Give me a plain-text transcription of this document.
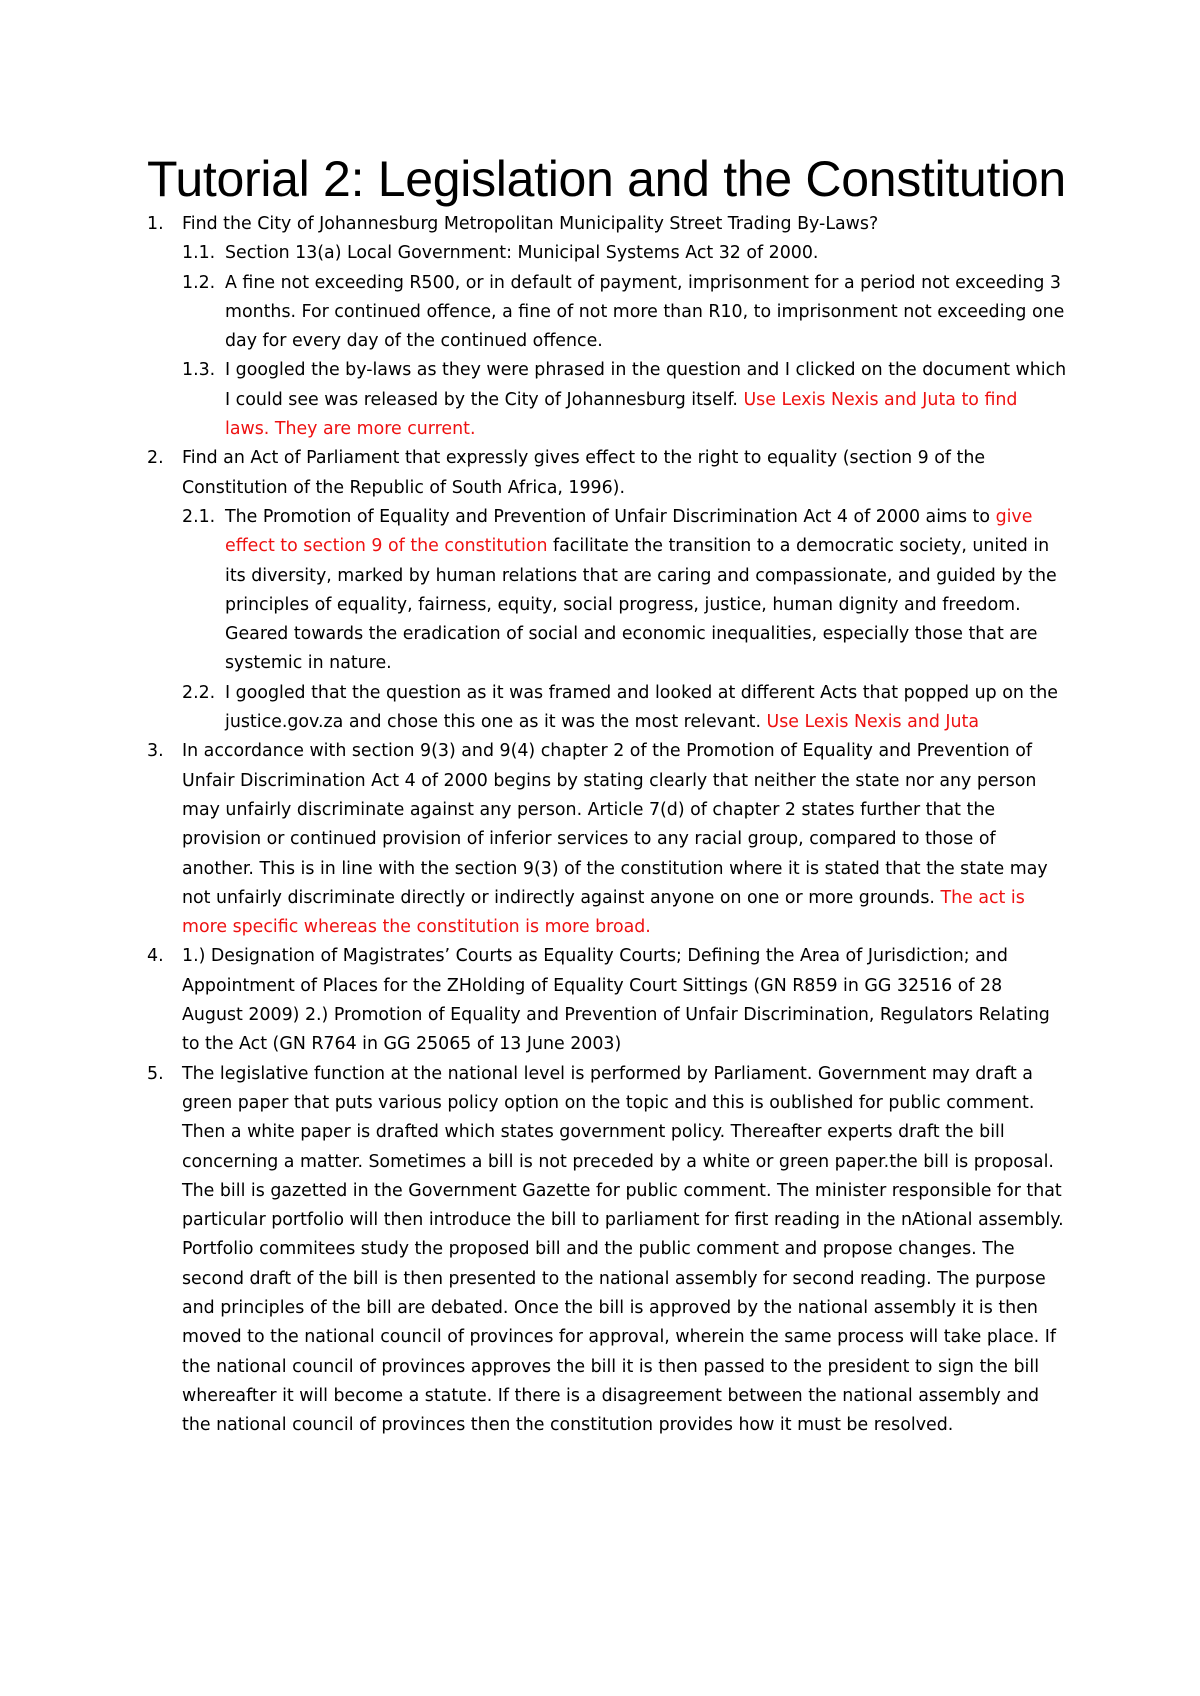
Tutorial 2: Legislation and the Constitution
1. Find the City of Johannesburg Metropolitan Municipality Street Trading By-Laws?
1.1. Section 13(a) Local Government: Municipal Systems Act 32 of 2000.
1.2. A fine not exceeding R500, or in default of payment, imprisonment for a period not exceeding 3 months. For continued offence, a fine of not more than R10, to imprisonment not exceeding one day for every day of the continued offence.
1.3. I googled the by-laws as they were phrased in the question and I clicked on the document which I could see was released by the City of Johannesburg itself. Use Lexis Nexis and Juta to find laws. They are more current.
2. Find an Act of Parliament that expressly gives effect to the right to equality (section 9 of the Constitution of the Republic of South Africa, 1996).
2.1. The Promotion of Equality and Prevention of Unfair Discrimination Act 4 of 2000 aims to give effect to section 9 of the constitution facilitate the transition to a democratic society, united in its diversity, marked by human relations that are caring and compassionate, and guided by the principles of equality, fairness, equity, social progress, justice, human dignity and freedom. Geared towards the eradication of social and economic inequalities, especially those that are systemic in nature.
2.2. I googled that the question as it was framed and looked at different Acts that popped up on the justice.gov.za and chose this one as it was the most relevant. Use Lexis Nexis and Juta
3. In accordance with section 9(3) and 9(4) chapter 2 of the Promotion of Equality and Prevention of Unfair Discrimination Act 4 of 2000 begins by stating clearly that neither the state nor any person may unfairly discriminate against any person. Article 7(d) of chapter 2 states further that the provision or continued provision of inferior services to any racial group, compared to those of another. This is in line with the section 9(3) of the constitution where it is stated that the state may not unfairly discriminate directly or indirectly against anyone on one or more grounds. The act is more specific whereas the constitution is more broad.
4. 1.) Designation of Magistrates’ Courts as Equality Courts; Defining the Area of Jurisdiction; and Appointment of Places for the ZHolding of Equality Court Sittings (GN R859 in GG 32516 of 28 August 2009) 2.) Promotion of Equality and Prevention of Unfair Discrimination, Regulators Relating to the Act (GN R764 in GG 25065 of 13 June 2003)
5. The legislative function at the national level is performed by Parliament. Government may draft a green paper that puts various policy option on the topic and this is oublished for public comment. Then a white paper is drafted which states government policy. Thereafter experts draft the bill concerning a matter. Sometimes a bill is not preceded by a white or green paper.the bill is proposal. The bill is gazetted in the Government Gazette for public comment. The minister responsible for that particular portfolio will then introduce the bill to parliament for first reading in the nAtional assembly. Portfolio commitees study the proposed bill and the public comment and propose changes. The second draft of the bill is then presented to the national assembly for second reading. The purpose and principles of the bill are debated. Once the bill is approved by the national assembly it is then moved to the national council of provinces for approval, wherein the same process will take place. If the national council of provinces approves the bill it is then passed to the president to sign the bill whereafter it will become a statute. If there is a disagreement between the national assembly and the national council of provinces then the constitution provides how it must be resolved.
